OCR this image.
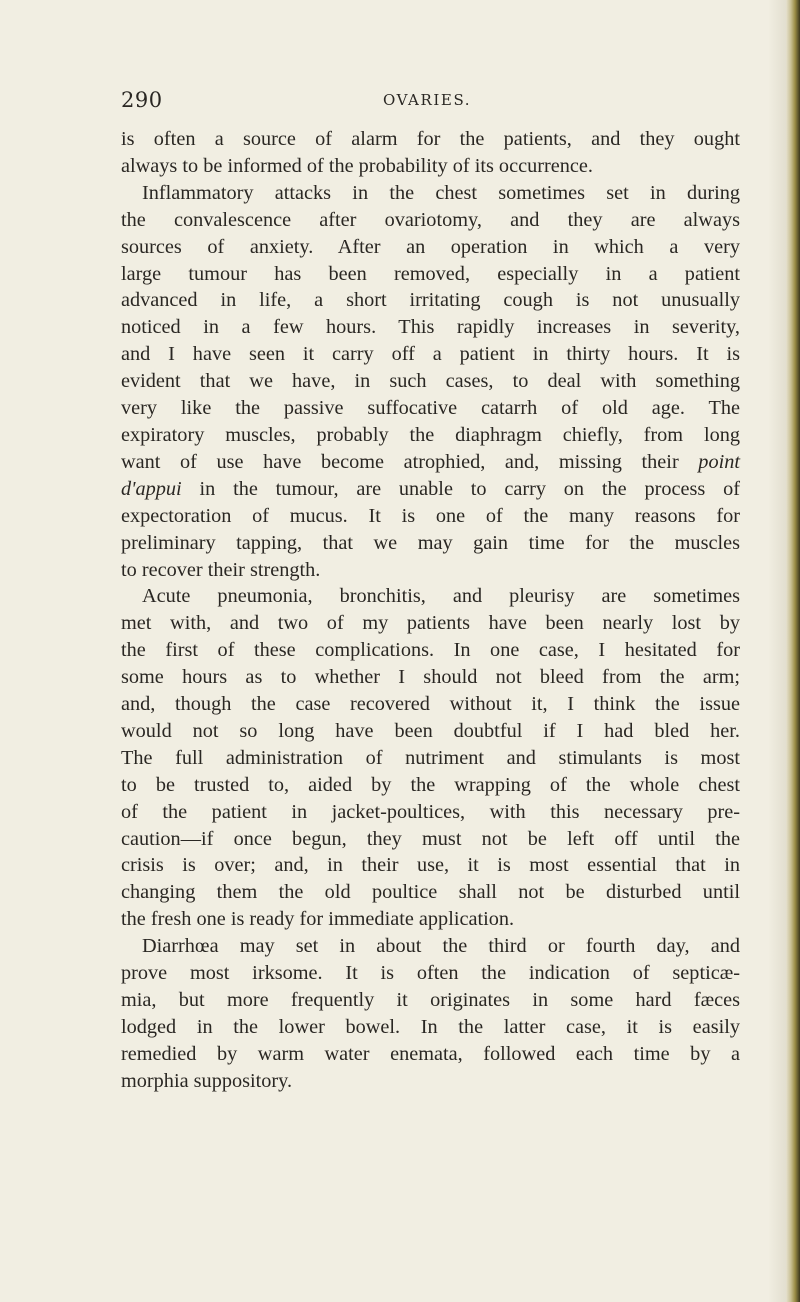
290	OVARIES.
is often a source of alarm for the patients, and they ought
always to be informed of the probability of its occurrence.
Inflammatory attacks in the chest sometimes set in during
the convalescence after ovariotomy, and they are always
sources of anxiety. After an operation in which a very
large tumour has been removed, especially in a patient
advanced in life, a short irritating cough is not unusually
noticed in a few hours. This rapidly increases in severity,
and I have seen it carry off a patient in thirty hours. It is
evident that we have, in such cases, to deal with something
very like the passive suffocative catarrh of old age. The
expiratory muscles, probably the diaphragm chiefly, from long
want of use have become atrophied, and, missing their point
d'appui in the tumour, are unable to carry on the process of
expectoration of mucus. It is one of the many reasons for
preliminary tapping, that we may gain time for the muscles
to recover their strength.
Acute pneumonia, bronchitis, and pleurisy are sometimes
met with, and two of my patients have been nearly lost by
the first of these complications. In one case, I hesitated for
some hours as to whether I should not bleed from the arm;
and, though the case recovered without it, I think the issue
would not so long have been doubtful if I had bled her.
The full administration of nutriment and stimulants is most
to be trusted to, aided by the wrapping of the whole chest
of the patient in jacket-poultices, with this necessary pre-
caution—if once begun, they must not be left off until the
crisis is over; and, in their use, it is most essential that in
changing them the old poultice shall not be disturbed until
the fresh one is ready for immediate application.
Diarrhœa may set in about the third or fourth day, and
prove most irksome. It is often the indication of septicæ-
mia, but more frequently it originates in some hard fæces
lodged in the lower bowel. In the latter case, it is easily
remedied by warm water enemata, followed each time by a
morphia suppository.
